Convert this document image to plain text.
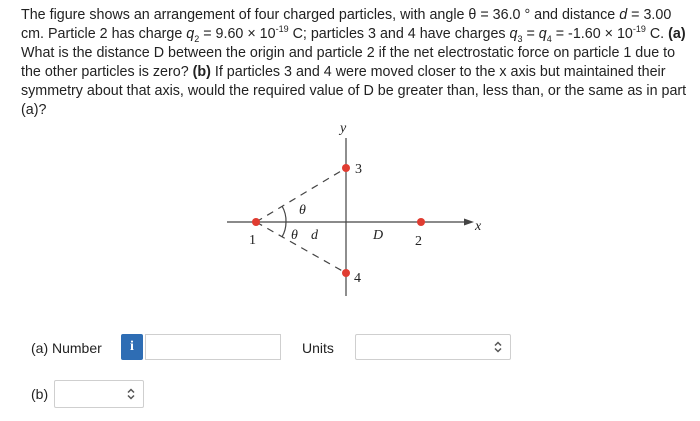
The figure shows an arrangement of four charged particles, with angle θ = 36.0 ° and distance d = 3.00 cm. Particle 2 has charge $q_2 = 9.60 \times 10^{-19}$ C; particles 3 and 4 have charges $q_3 = q_4 = -1.60 \times 10^{-19}$ C. (a) What is the distance D between the origin and particle 2 if the net electrostatic force on particle 1 due to the other particles is zero? (b) If particles 3 and 4 were moved closer to the x axis but maintained their symmetry about that axis, would the required value of D be greater than, less than, or the same as in part (a)?
y
x
1	2
3
4
θ
θ d	D
(a) Number	i	Units
(b)
